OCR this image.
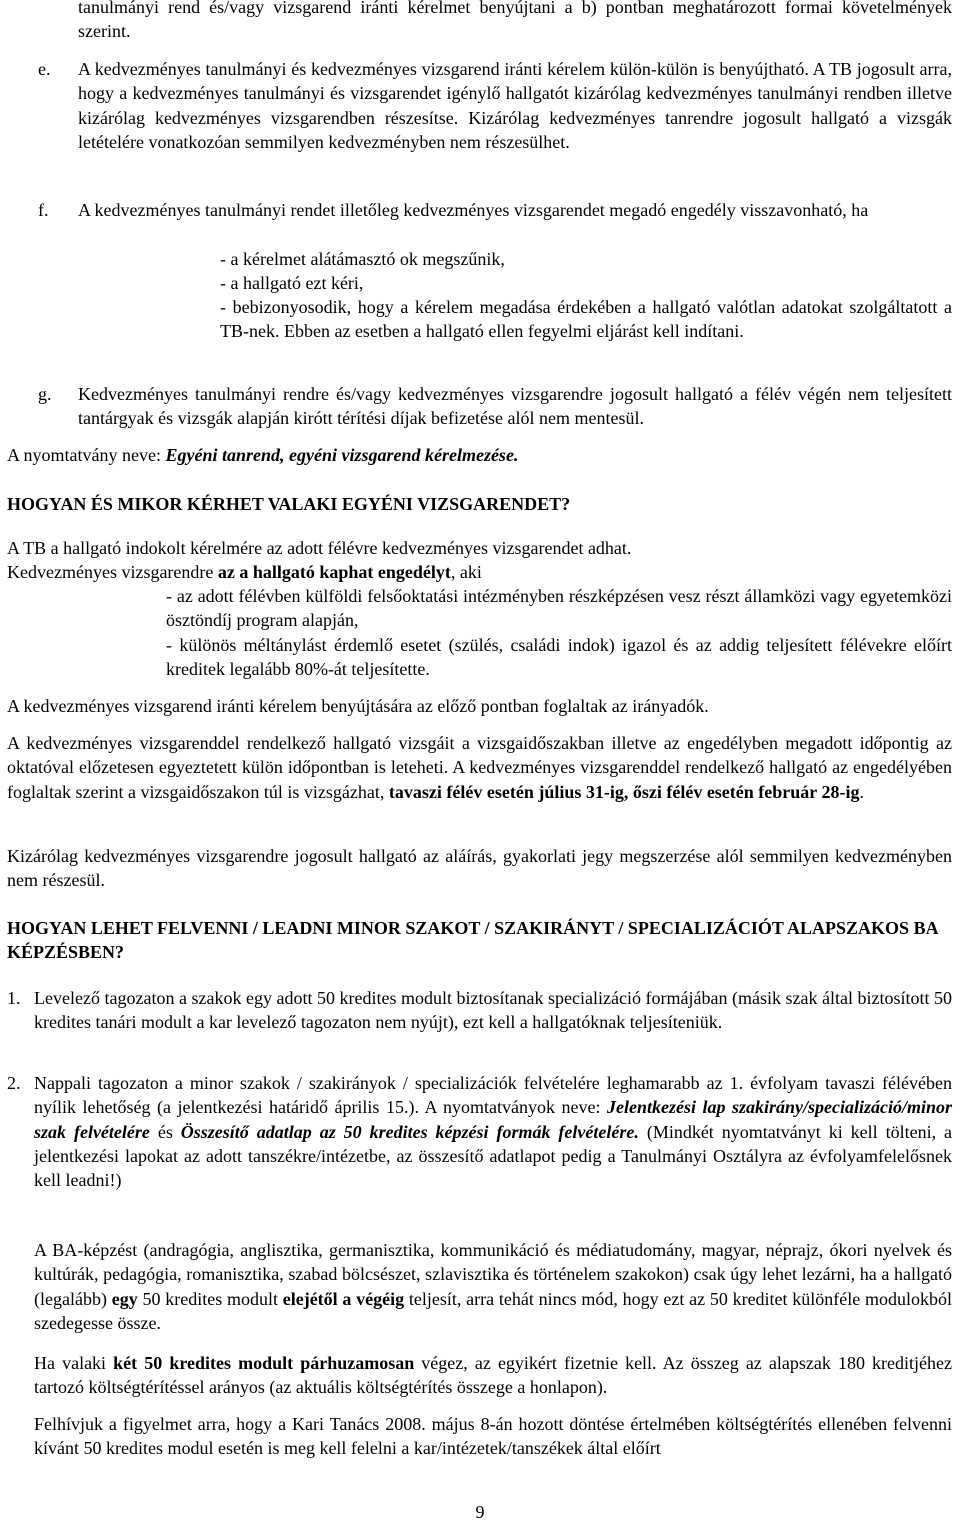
tanulmányi rend és/vagy vizsgarend iránti kérelmet benyújtani a b) pontban meghatározott formai követelmények szerint.

e. A kedvezményes tanulmányi és kedvezményes vizsgarend iránti kérelem külön-külön is benyújtható. A TB jogosult arra, hogy a kedvezményes tanulmányi és vizsgarendet igénylő hallgatót kizárólag kedvezményes tanulmányi rendben illetve kizárólag kedvezményes vizsgarendben részesítse. Kizárólag kedvezményes tanrendre jogosult hallgató a vizsgák letételére vonatkozóan semmilyen kedvezményben nem részesülhet.

f. A kedvezményes tanulmányi rendet illetőleg kedvezményes vizsgarendet megadó engedély visszavonható, ha

- a kérelmet alátámasztó ok megszűnik,

- a hallgató ezt kéri,

- bebizonyosodik, hogy a kérelem megadása érdekében a hallgató valótlan adatokat szolgáltatott a TB-nek. Ebben az esetben a hallgató ellen fegyelmi eljárást kell indítani.

g. Kedvezményes tanulmányi rendre és/vagy kedvezményes vizsgarendre jogosult hallgató a félév végén nem teljesített tantárgyak és vizsgák alapján kirótt térítési díjak befizetése alól nem mentesül.

A nyomtatvány neve: Egyéni tanrend, egyéni vizsgarend kérelmezése.

HOGYAN ÉS MIKOR KÉRHET VALAKI EGYÉNI VIZSGARENDET?

A TB a hallgató indokolt kérelmére az adott félévre kedvezményes vizsgarendet adhat.

Kedvezményes vizsgarendre az a hallgató kaphat engedélyt, aki

- az adott félévben külföldi felsőoktatási intézményben részképzésen vesz részt államközi vagy egyetemközi ösztöndíj program alapján,

- különös méltánylást érdemlő esetet (szülés, családi indok) igazol és az addig teljesített félévekre előírt kreditek legalább 80%-át teljesítette.

A kedvezményes vizsgarend iránti kérelem benyújtására az előző pontban foglaltak az irányadók.

A kedvezményes vizsgarenddel rendelkező hallgató vizsgáit a vizsgaidőszakban illetve az engedélyben megadott időpontig az oktatóval előzetesen egyeztetett külön időpontban is leteheti. A kedvezményes vizsgarenddel rendelkező hallgató az engedélyében foglaltak szerint a vizsgaidőszakon túl is vizsgázhat, tavaszi félév esetén július 31-ig, őszi félév esetén február 28-ig.

Kizárólag kedvezményes vizsgarendre jogosult hallgató az aláírás, gyakorlati jegy megszerzése alól semmilyen kedvezményben nem részesül.

HOGYAN LEHET FELVENNI / LEADNI MINOR SZAKOT / SZAKIRÁNYT / SPECIALIZÁCIÓT ALAPSZAKOS BA KÉPZÉSBEN?

1. Levelező tagozaton a szakok egy adott 50 kredites modult biztosítanak specializáció formájában (másik szak által biztosított 50 kredites tanári modult a kar levelező tagozaton nem nyújt), ezt kell a hallgatóknak teljesíteniük.

2. Nappali tagozaton a minor szakok / szakirányok / specializációk felvételére leghamarabb az 1. évfolyam tavaszi félévében nyílik lehetőség (a jelentkezési határidő április 15.). A nyomtatványok neve: Jelentkezési lap szakirány/specializáció/minor szak felvételére és Összesítő adatlap az 50 kredites képzési formák felvételére. (Mindkét nyomtatványt ki kell tölteni, a jelentkezési lapokat az adott tanszékre/intézetbe, az összesítő adatlapot pedig a Tanulmányi Osztályra az évfolyamfelelősnek kell leadni!)

A BA-képzést (andragógia, anglisztika, germanisztika, kommunikáció és médiatudomány, magyar, néprajz, ókori nyelvek és kultúrák, pedagógia, romanisztika, szabad bölcsészet, szlavisztika és történelem szakokon) csak úgy lehet lezárni, ha a hallgató (legalább) egy 50 kredites modult elejétől a végéig teljesít, arra tehát nincs mód, hogy ezt az 50 kreditet különféle modulokból szedegesse össze.

Ha valaki két 50 kredites modult párhuzamosan végez, az egyikért fizetnie kell. Az összeg az alapszak 180 kreditjéhez tartozó költségtérítéssel arányos (az aktuális költségtérítés összege a honlapon).

Felhívjuk a figyelmet arra, hogy a Kari Tanács 2008. május 8-án hozott döntése értelmében költségtérítés ellenében felvenni kívánt 50 kredites modul esetén is meg kell felelni a kar/intézetek/tanszékek által előírt

9
